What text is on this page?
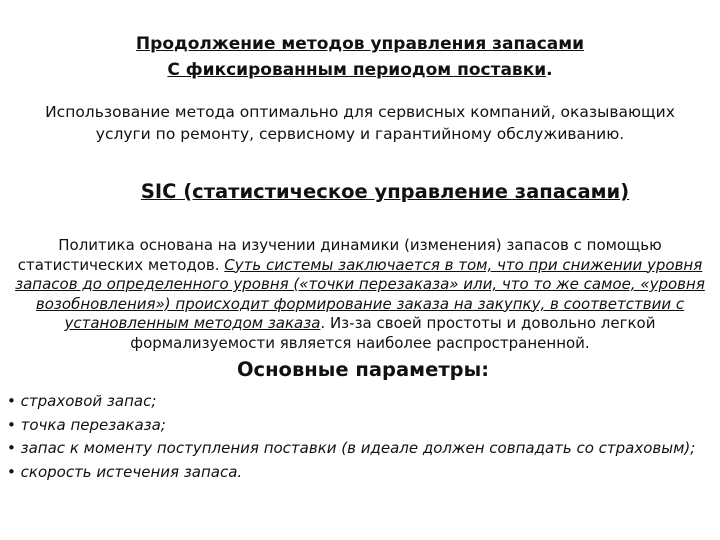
Продолжение методов управления запасами
С фиксированным периодом поставки.
Использование метода оптимально для сервисных компаний, оказывающих услуги по ремонту, сервисному и гарантийному обслуживанию.
SIC (статистическое управление запасами)
Политика основана на изучении динамики (изменения) запасов с помощью статистических методов. Суть системы заключается в том, что при снижении уровня запасов до определенного уровня («точки перезаказа» или, что то же самое, «уровня возобновления») происходит формирование заказа на закупку, в соответствии с установленным методом заказа. Из-за своей простоты и довольно легкой формализуемости является наиболее распространенной.
Основные параметры:
• страховой запас;
• точка перезаказа;
• запас к моменту поступления поставки (в идеале должен совпадать со страховым);
• скорость истечения запаса.
